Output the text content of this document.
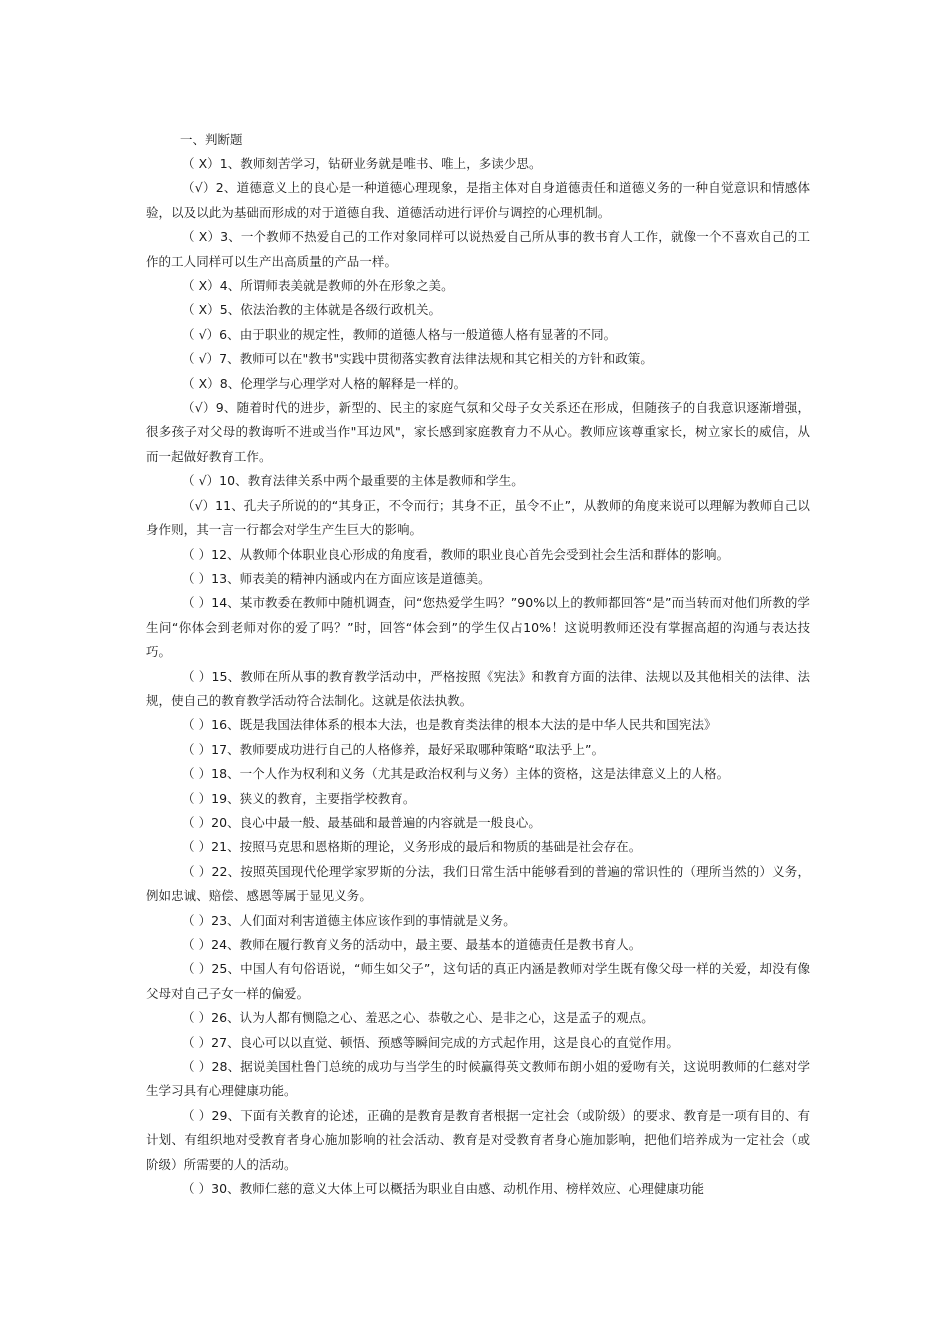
一、判断题

（ X）1、教师刻苦学习，钻研业务就是唯书、唯上，多读少思。

（√）2、道德意义上的良心是一种道德心理现象，是指主体对自身道德责任和道德义务的一种自觉意识和情感体验，以及以此为基础而形成的对于道德自我、道德活动进行评价与调控的心理机制。

（ X）3、一个教师不热爱自己的工作对象同样可以说热爱自己所从事的教书育人工作，就像一个不喜欢自己的工作的工人同样可以生产出高质量的产品一样。

（ X）4、所谓师表美就是教师的外在形象之美。

（ X）5、依法治教的主体就是各级行政机关。

（ √）6、由于职业的规定性，教师的道德人格与一般道德人格有显著的不同。

（ √）7、教师可以在"教书"实践中贯彻落实教育法律法规和其它相关的方针和政策。

（ X）8、伦理学与心理学对人格的解释是一样的。

（√）9、随着时代的进步，新型的、民主的家庭气氛和父母子女关系还在形成，但随孩子的自我意识逐渐增强，很多孩子对父母的教诲听不进或当作"耳边风"，家长感到家庭教育力不从心。教师应该尊重家长，树立家长的威信，从而一起做好教育工作。

（ √）10、教育法律关系中两个最重要的主体是教师和学生。

（√）11、孔夫子所说的的“其身正，不令而行；其身不正，虽令不止”，从教师的角度来说可以理解为教师自己以身作则，其一言一行都会对学生产生巨大的影响。

（ ）12、从教师个体职业良心形成的角度看，教师的职业良心首先会受到社会生活和群体的影响。

（ ）13、师表美的精神内涵或内在方面应该是道德美。

（ ）14、某市教委在教师中随机调查，问“您热爱学生吗？”90%以上的教师都回答“是”而当转而对他们所教的学生问“你体会到老师对你的爱了吗？”时，回答“体会到”的学生仅占10%！这说明教师还没有掌握高超的沟通与表达技巧。

（ ）15、教师在所从事的教育教学活动中，严格按照《宪法》和教育方面的法律、法规以及其他相关的法律、法规，使自己的教育教学活动符合法制化。这就是依法执教。

（ ）16、既是我国法律体系的根本大法，也是教育类法律的根本大法的是中华人民共和国宪法》

（ ）17、教师要成功进行自己的人格修养，最好采取哪种策略“取法乎上”。

（ ）18、一个人作为权利和义务（尤其是政治权利与义务）主体的资格，这是法律意义上的人格。

（ ）19、狭义的教育，主要指学校教育。

（ ）20、良心中最一般、最基础和最普遍的内容就是一般良心。

（ ）21、按照马克思和恩格斯的理论，义务形成的最后和物质的基础是社会存在。

（ ）22、按照英国现代伦理学家罗斯的分法，我们日常生活中能够看到的普遍的常识性的（理所当然的）义务，例如忠诚、赔偿、感恩等属于显见义务。

（ ）23、人们面对利害道德主体应该作到的事情就是义务。

（ ）24、教师在履行教育义务的活动中，最主要、最基本的道德责任是教书育人。

（ ）25、中国人有句俗语说，“师生如父子”，这句话的真正内涵是教师对学生既有像父母一样的关爱，却没有像父母对自己子女一样的偏爱。

（ ）26、认为人都有恻隐之心、羞恶之心、恭敬之心、是非之心，这是孟子的观点。

（ ）27、良心可以以直觉、顿悟、预感等瞬间完成的方式起作用，这是良心的直觉作用。

（ ）28、据说美国杜鲁门总统的成功与当学生的时候赢得英文教师布朗小姐的爱吻有关，这说明教师的仁慈对学生学习具有心理健康功能。

（ ）29、下面有关教育的论述，正确的是教育是教育者根据一定社会（或阶级）的要求、教育是一项有目的、有计划、有组织地对受教育者身心施加影响的社会活动、教育是对受教育者身心施加影响，把他们培养成为一定社会（或阶级）所需要的人的活动。

（ ）30、教师仁慈的意义大体上可以概括为职业自由感、动机作用、榜样效应、心理健康功能
